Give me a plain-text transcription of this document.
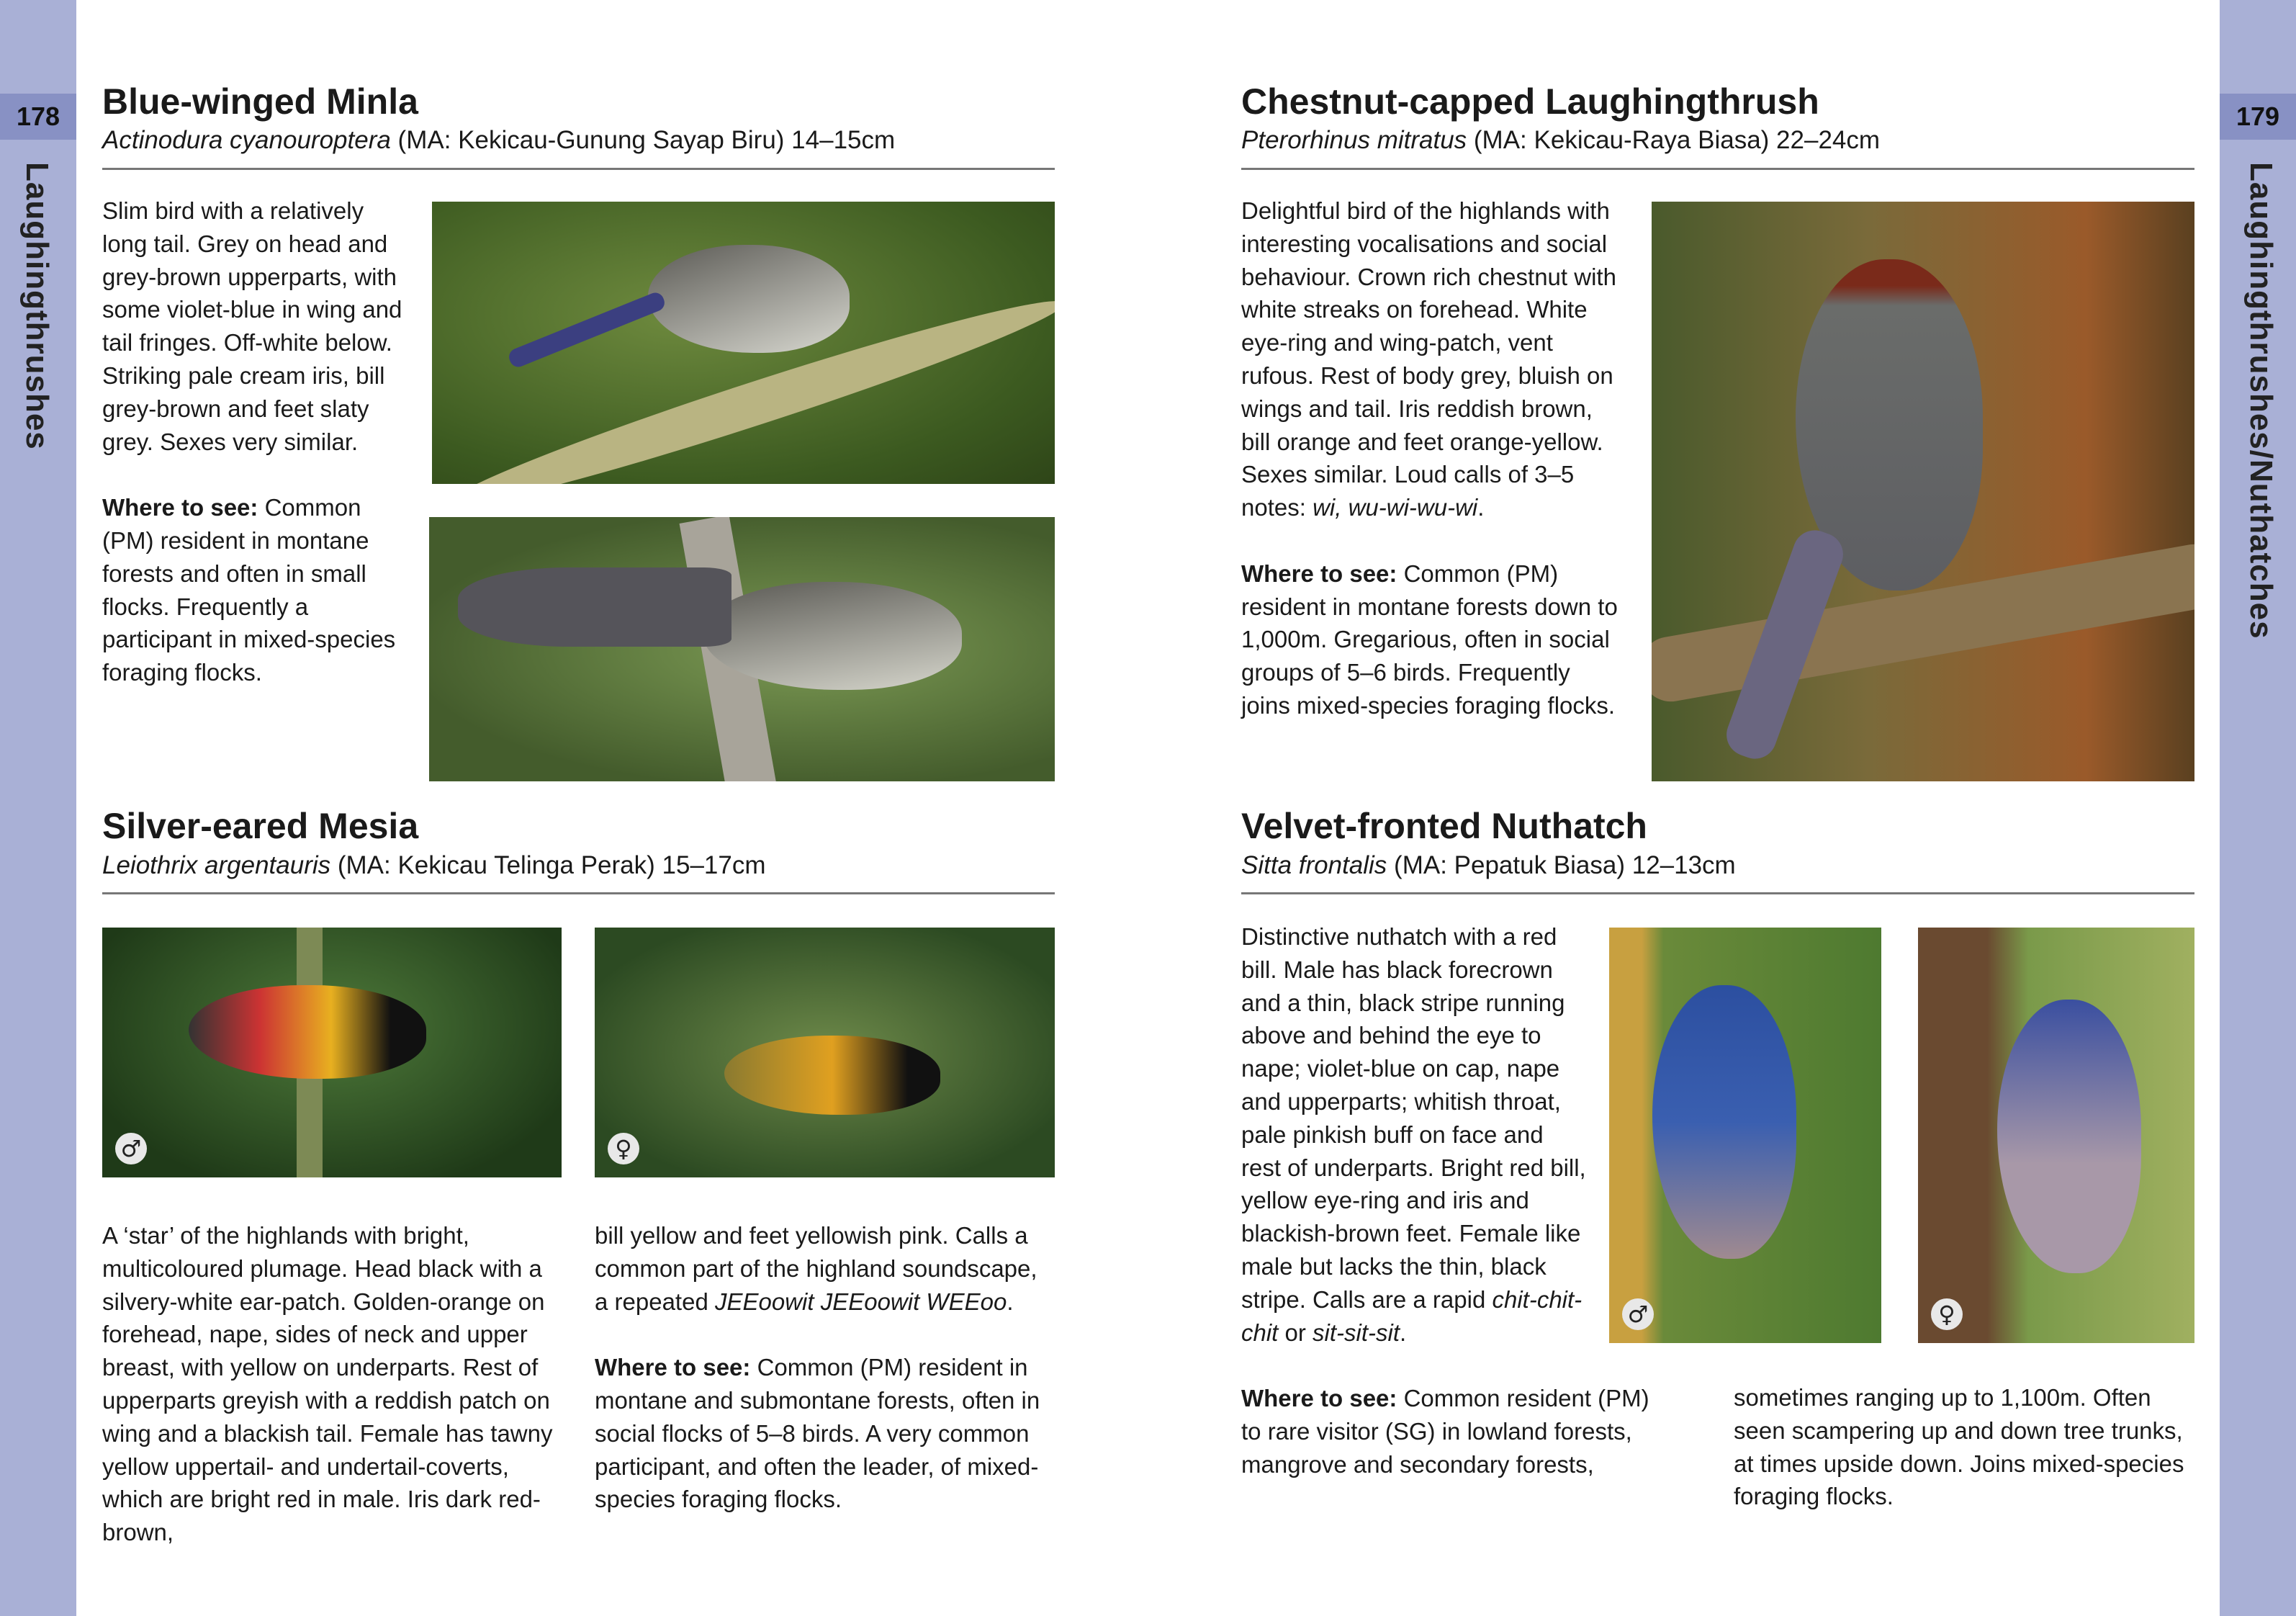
178
Laughingthrushes
179
Laughingthrushes/Nuthatches
Blue-winged Minla
Actinodura cyanouroptera (MA: Kekicau-Gunung Sayap Biru) 14–15cm

Slim bird with a relatively long tail. Grey on head and grey-brown upperparts, with some violet-blue in wing and tail fringes. Off-white below. Striking pale cream iris, bill grey-brown and feet slaty grey. Sexes very similar.

Where to see: Common (PM) resident in montane forests and often in small flocks. Frequently a participant in mixed-species foraging flocks.

Silver-eared Mesia
Leiothrix argentauris (MA: Kekicau Telinga Perak) 15–17cm
♂	♀

A ‘star’ of the highlands with bright, multicoloured plumage. Head black with a silvery-white ear-patch. Golden-orange on forehead, nape, sides of neck and upper breast, with yellow on underparts. Rest of upperparts greyish with a reddish patch on wing and a blackish tail. Female has tawny yellow uppertail- and undertail-coverts, which are bright red in male. Iris dark red-brown,

bill yellow and feet yellowish pink. Calls a common part of the highland soundscape, a repeated JEEoowit JEEoowit WEEoo.

Where to see: Common (PM) resident in montane and submontane forests, often in social flocks of 5–8 birds. A very common participant, and often the leader, of mixed-species foraging flocks.

Chestnut-capped Laughingthrush
Pterorhinus mitratus (MA: Kekicau-Raya Biasa) 22–24cm

Delightful bird of the highlands with interesting vocalisations and social behaviour. Crown rich chestnut with white streaks on forehead. White eye-ring and wing-patch, vent rufous. Rest of body grey, bluish on wings and tail. Iris reddish brown, bill orange and feet orange-yellow. Sexes similar. Loud calls of 3–5 notes: wi, wu-wi-wu-wi.

Where to see: Common (PM) resident in montane forests down to 1,000m. Gregarious, often in social groups of 5–6 birds. Frequently joins mixed-species foraging flocks.

Velvet-fronted Nuthatch
Sitta frontalis (MA: Pepatuk Biasa) 12–13cm

Distinctive nuthatch with a red bill. Male has black forecrown and a thin, black stripe running above and behind the eye to nape; violet-blue on cap, nape and upperparts; whitish throat, pale pinkish buff on face and rest of underparts. Bright red bill, yellow eye-ring and iris and blackish-brown feet. Female like male but lacks the thin, black stripe. Calls are a rapid chit-chit-chit or sit-sit-sit.

Where to see: Common resident (PM) to rare visitor (SG) in lowland forests, mangrove and secondary forests,

sometimes ranging up to 1,100m. Often seen scampering up and down tree trunks, at times upside down. Joins mixed-species foraging flocks.

♂	♀
